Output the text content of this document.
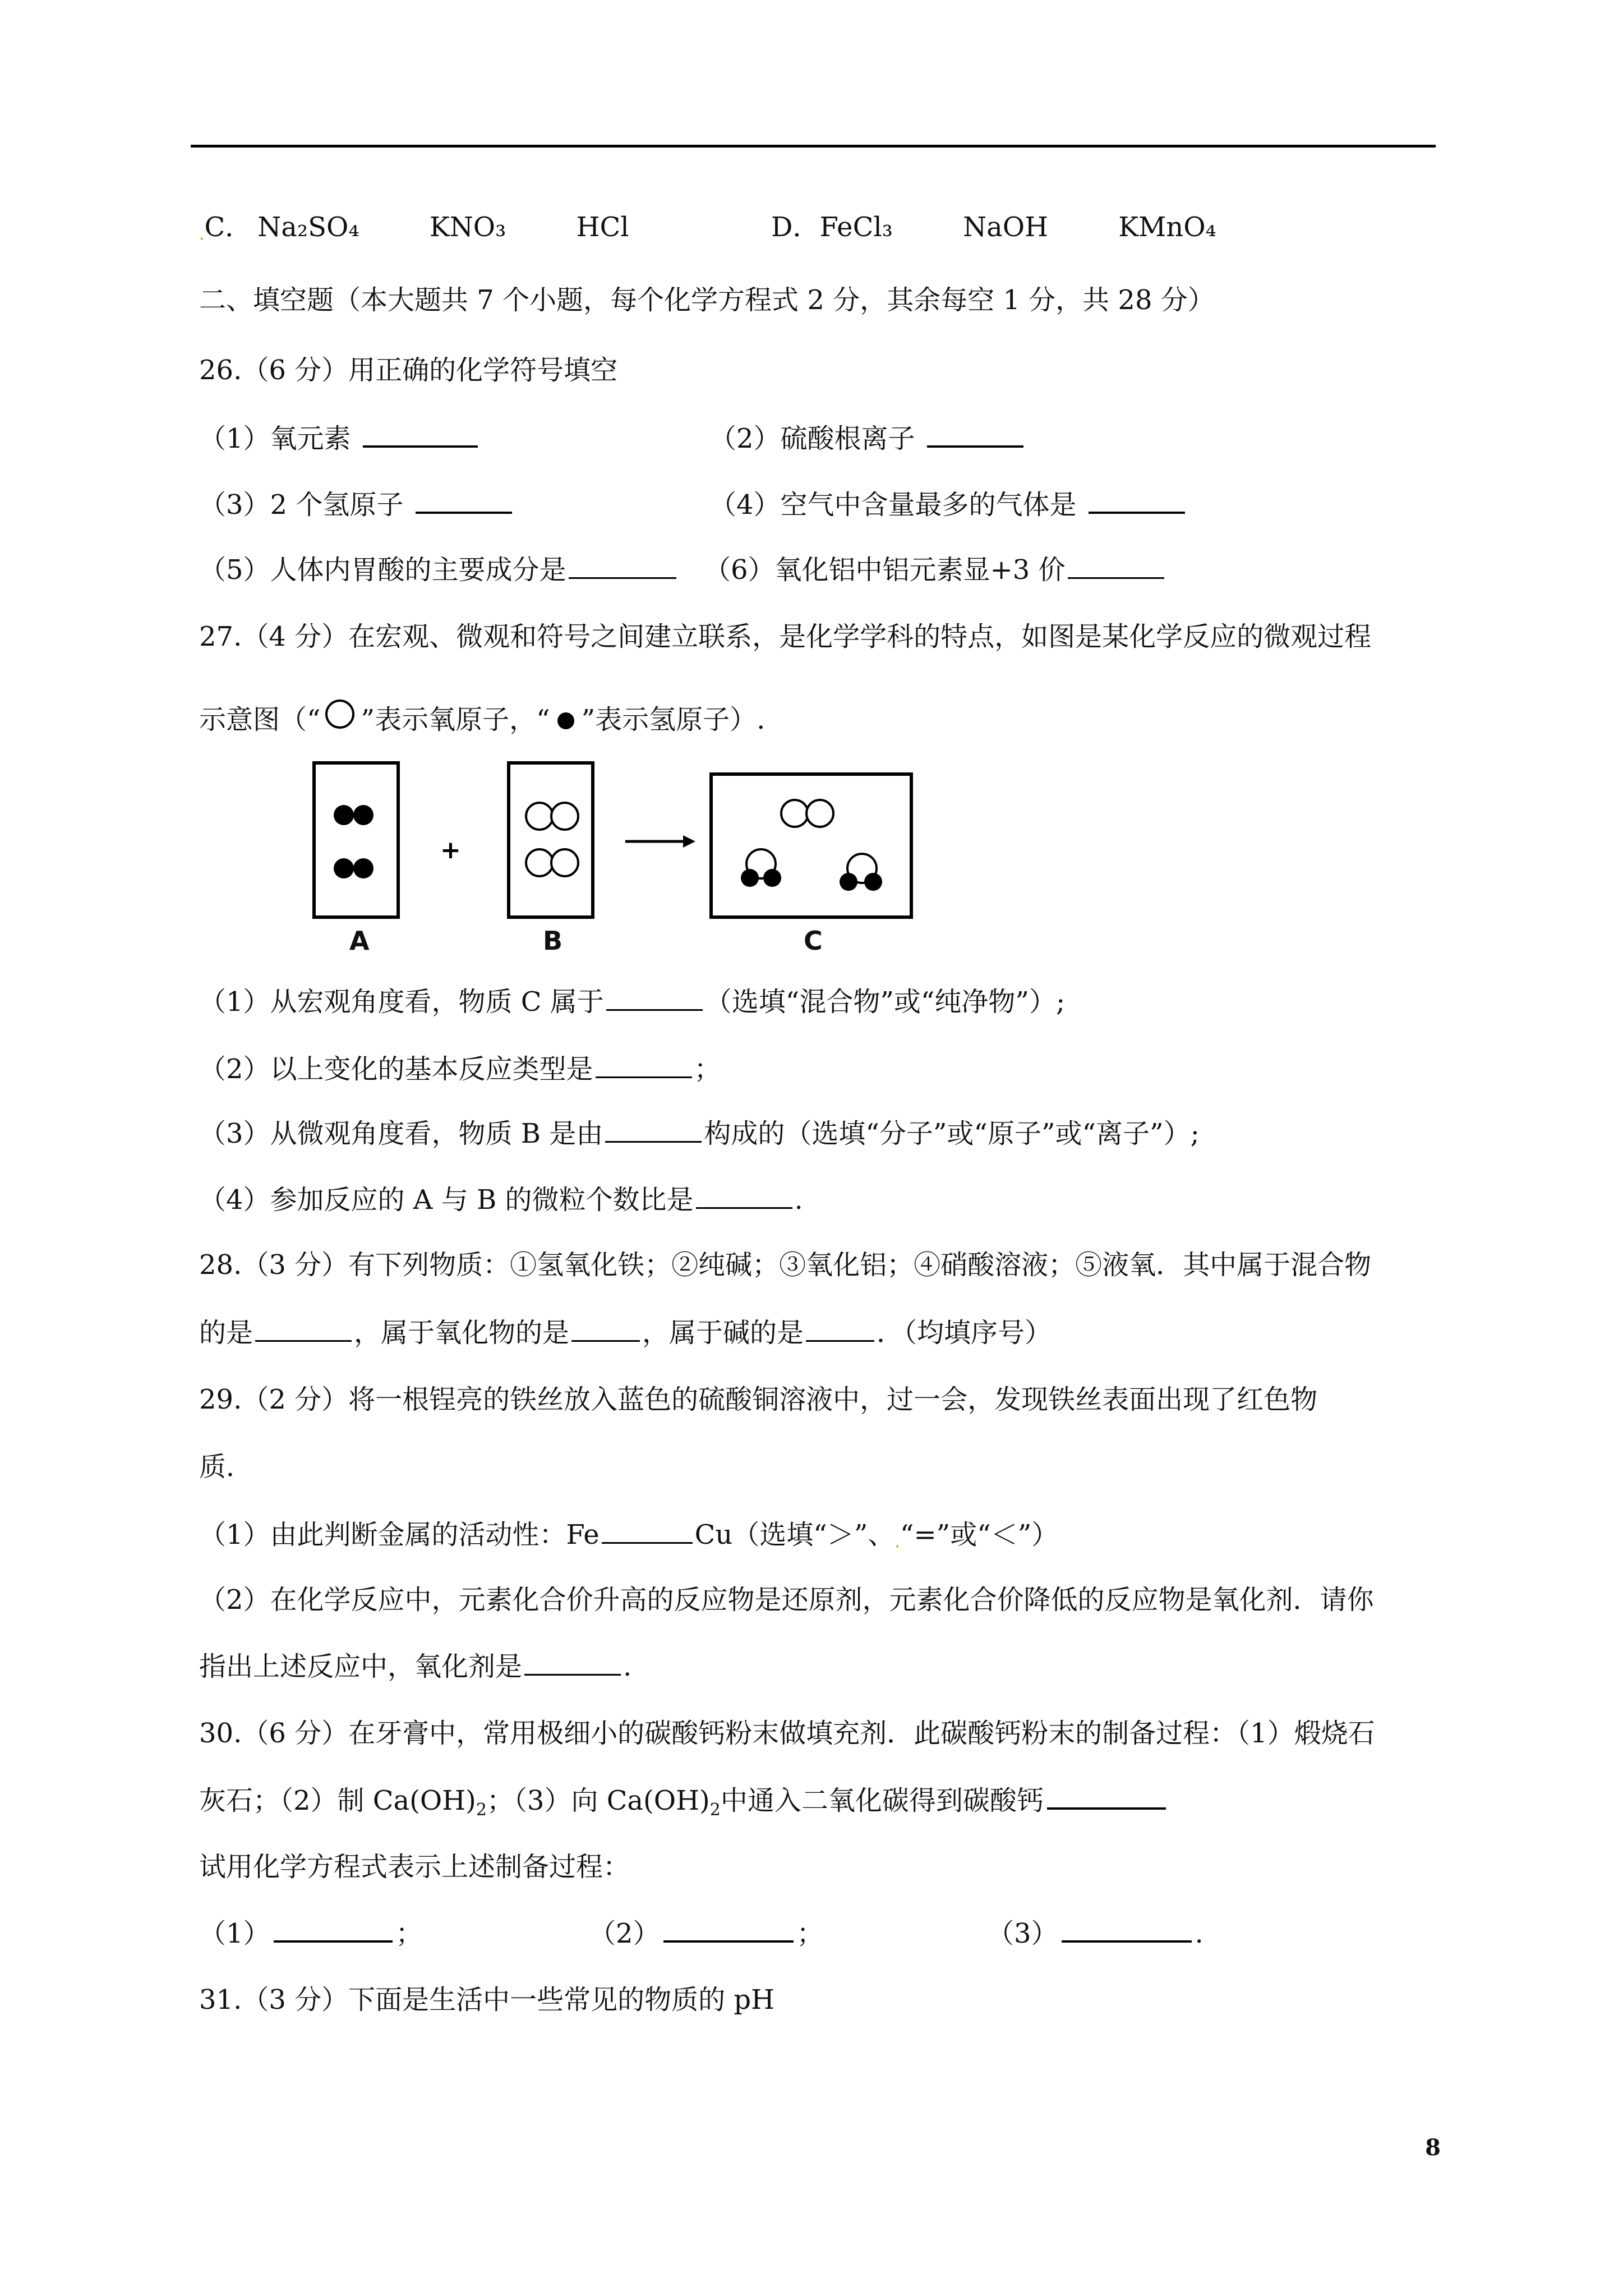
.C． Na₂SO₄	KNO₃	HCl	D．FeCl₃	NaOH	KMnO₄
二、填空题（本大题共 7 个小题，每个化学方程式 2 分，其余每空 1 分，共 28 分）
26.（6 分）用正确的化学符号填空
（1）氧元素	（2）硫酸根离子
（3）2 个氢原子	（4）空气中含量最多的气体是
（5）人体内胃酸的主要成分是	（6）氧化铝中铝元素显+3 价
27.（4 分）在宏观、微观和符号之间建立联系，是化学学科的特点，如图是某化学反应的微观过程
示意图（“ ”表示氧原子，“ ”表示氢原子）.
+
A	B	C
（1）从宏观角度看，物质 C 属于	（选填“混合物”或“纯净物”）;
（2）以上变化的基本反应类型是	；
（3）从微观角度看，物质 B 是由	构成的（选填“分子”或“原子”或“离子”）;
（4）参加反应的 A 与 B 的微粒个数比是	.
28.（3 分）有下列物质：①氢氧化铁；②纯碱；③氧化铝；④硝酸溶液；⑤液氧．其中属于混合物
的是	，属于氧化物的是	，属于碱的是	．（均填序号）
29.（2 分）将一根锃亮的铁丝放入蓝色的硫酸铜溶液中，过一会，发现铁丝表面出现了红色物
质．
（1）由此判断金属的活动性：Fe	Cu（选填“＞”、.“=”或“＜”）
（2）在化学反应中，元素化合价升高的反应物是还原剂，元素化合价降低的反应物是氧化剂．请你
指出上述反应中，氧化剂是	.
30.（6 分）在牙膏中，常用极细小的碳酸钙粉末做填充剂．此碳酸钙粉末的制备过程：（1）煅烧石
灰石；（2）制 $Ca(OH)_2$；（3）向 $Ca(OH)_2$中通入二氧化碳得到碳酸钙
试用化学方程式表示上述制备过程：
（1）	；	（2）	；	（3）	.
31.（3 分）下面是生活中一些常见的物质的 pH
8
